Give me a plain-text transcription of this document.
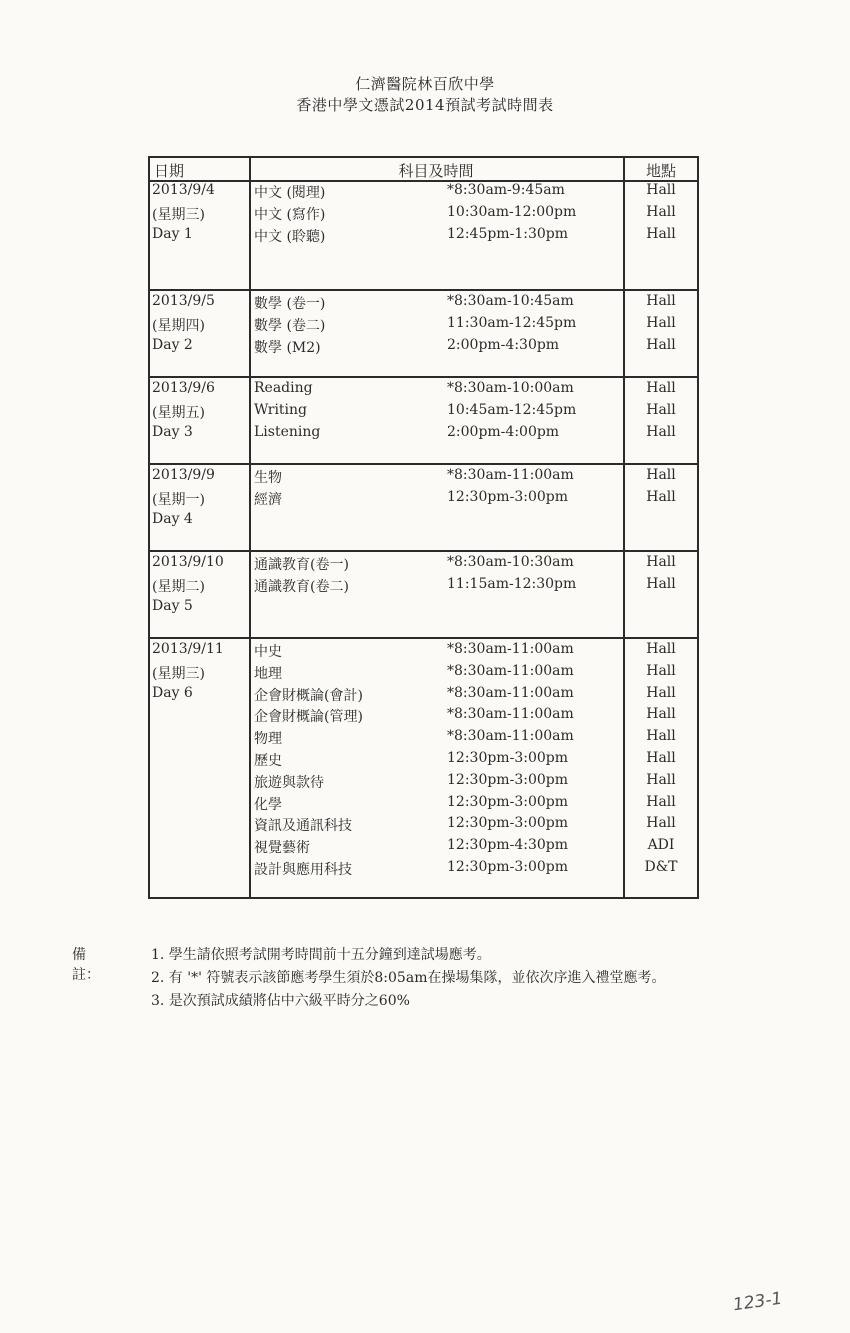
仁濟醫院林百欣中學
香港中學文憑試2014預試考試時間表
日期	科目及時間	地點
2013/9/4
(星期三)
Day 1
中文 (閱理)	*8:30am-9:45am	Hall
中文 (寫作)	10:30am-12:00pm	Hall
中文 (聆聽)	12:45pm-1:30pm	Hall
2013/9/5
(星期四)
Day 2
數學 (卷一)	*8:30am-10:45am	Hall
數學 (卷二)	11:30am-12:45pm	Hall
數學 (M2)	2:00pm-4:30pm	Hall
2013/9/6
(星期五)
Day 3
Reading	*8:30am-10:00am	Hall
Writing	10:45am-12:45pm	Hall
Listening	2:00pm-4:00pm	Hall
2013/9/9
(星期一)
Day 4
生物	*8:30am-11:00am	Hall
經濟	12:30pm-3:00pm	Hall
2013/9/10
(星期二)
Day 5
通識教育(卷一)	*8:30am-10:30am	Hall
通識教育(卷二)	11:15am-12:30pm	Hall
2013/9/11
(星期三)
Day 6
中史	*8:30am-11:00am	Hall
地理	*8:30am-11:00am	Hall
企會財概論(會計)	*8:30am-11:00am	Hall
企會財概論(管理)	*8:30am-11:00am	Hall
物理	*8:30am-11:00am	Hall
歷史	12:30pm-3:00pm	Hall
旅遊與款待	12:30pm-3:00pm	Hall
化學	12:30pm-3:00pm	Hall
資訊及通訊科技	12:30pm-3:00pm	Hall
視覺藝術	12:30pm-4:30pm	ADI
設計與應用科技	12:30pm-3:00pm	D&T
備註：
1. 學生請依照考試開考時間前十五分鐘到達試場應考。
2. 有 '*' 符號表示該節應考學生須於8:05am在操場集隊，並依次序進入禮堂應考。
3. 是次預試成績將佔中六級平時分之60%
123-1
